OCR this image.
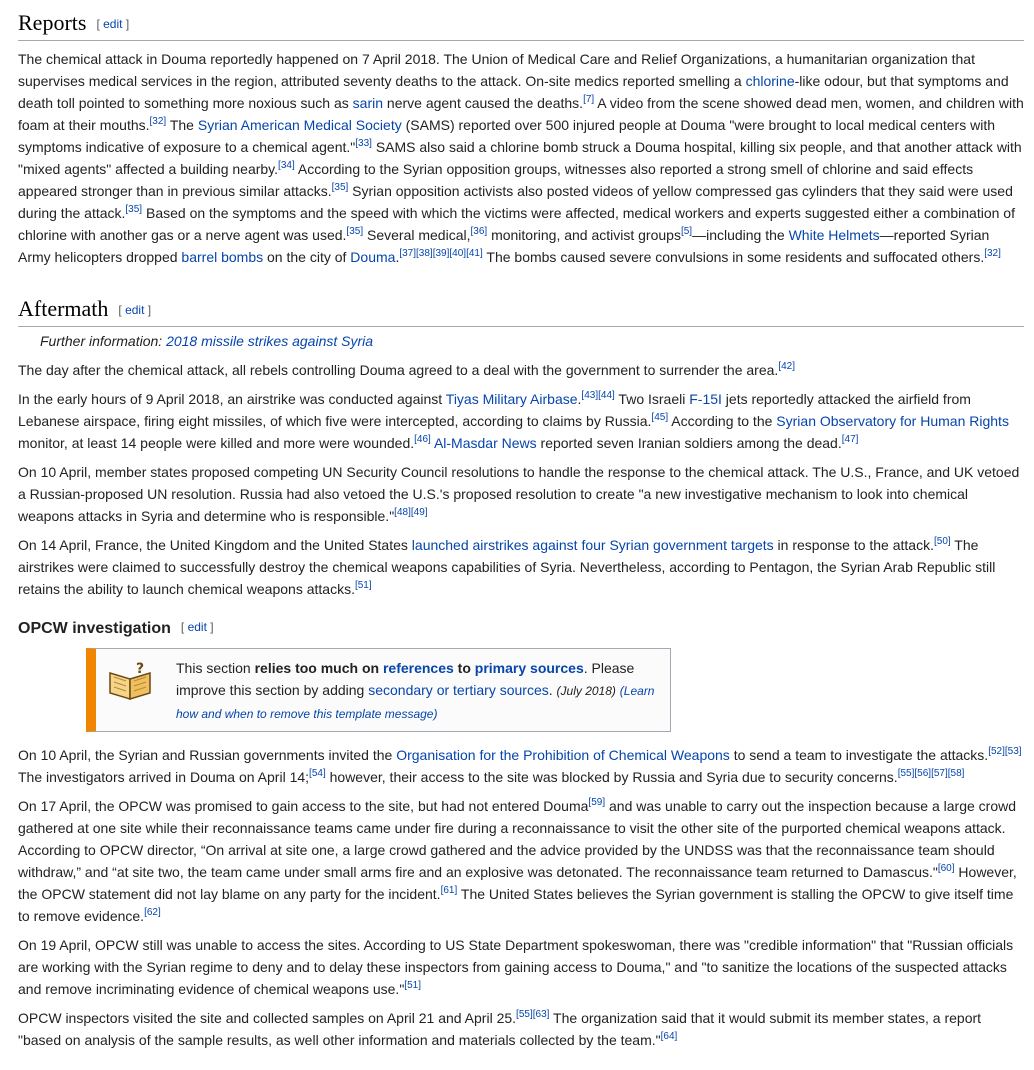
Reports [ edit ]

The chemical attack in Douma reportedly happened on 7 April 2018. The Union of Medical Care and Relief Organizations, a humanitarian organization that supervises medical services in the region, attributed seventy deaths to the attack. On-site medics reported smelling a chlorine-like odour, but that symptoms and death toll pointed to something more noxious such as sarin nerve agent caused the deaths.[7] A video from the scene showed dead men, women, and children with foam at their mouths.[32] The Syrian American Medical Society (SAMS) reported over 500 injured people at Douma "were brought to local medical centers with symptoms indicative of exposure to a chemical agent."[33] SAMS also said a chlorine bomb struck a Douma hospital, killing six people, and that another attack with "mixed agents" affected a building nearby.[34] According to the Syrian opposition groups, witnesses also reported a strong smell of chlorine and said effects appeared stronger than in previous similar attacks.[35] Syrian opposition activists also posted videos of yellow compressed gas cylinders that they said were used during the attack.[35] Based on the symptoms and the speed with which the victims were affected, medical workers and experts suggested either a combination of chlorine with another gas or a nerve agent was used.[35] Several medical,[36] monitoring, and activist groups[5]—including the White Helmets—reported Syrian Army helicopters dropped barrel bombs on the city of Douma.[37][38][39][40][41] The bombs caused severe convulsions in some residents and suffocated others.[32]

Aftermath [ edit ]
Further information: 2018 missile strikes against Syria

The day after the chemical attack, all rebels controlling Douma agreed to a deal with the government to surrender the area.[42]

In the early hours of 9 April 2018, an airstrike was conducted against Tiyas Military Airbase.[43][44] Two Israeli F-15I jets reportedly attacked the airfield from Lebanese airspace, firing eight missiles, of which five were intercepted, according to claims by Russia.[45] According to the Syrian Observatory for Human Rights monitor, at least 14 people were killed and more were wounded.[46] Al-Masdar News reported seven Iranian soldiers among the dead.[47]

On 10 April, member states proposed competing UN Security Council resolutions to handle the response to the chemical attack. The U.S., France, and UK vetoed a Russian-proposed UN resolution. Russia had also vetoed the U.S.'s proposed resolution to create "a new investigative mechanism to look into chemical weapons attacks in Syria and determine who is responsible."[48][49]

On 14 April, France, the United Kingdom and the United States launched airstrikes against four Syrian government targets in response to the attack.[50] The airstrikes were claimed to successfully destroy the chemical weapons capabilities of Syria. Nevertheless, according to Pentagon, the Syrian Arab Republic still retains the ability to launch chemical weapons attacks.[51]

OPCW investigation [ edit ]
? This section relies too much on references to primary sources. Please improve this section by adding secondary or tertiary sources. (July 2018) (Learn how and when to remove this template message)

On 10 April, the Syrian and Russian governments invited the Organisation for the Prohibition of Chemical Weapons to send a team to investigate the attacks.[52][53] The investigators arrived in Douma on April 14;[54] however, their access to the site was blocked by Russia and Syria due to security concerns.[55][56][57][58]

On 17 April, the OPCW was promised to gain access to the site, but had not entered Douma[59] and was unable to carry out the inspection because a large crowd gathered at one site while their reconnaissance teams came under fire during a reconnaissance to visit the other site of the purported chemical weapons attack. According to OPCW director, “On arrival at site one, a large crowd gathered and the advice provided by the UNDSS was that the reconnaissance team should withdraw,” and “at site two, the team came under small arms fire and an explosive was detonated. The reconnaissance team returned to Damascus."[60] However, the OPCW statement did not lay blame on any party for the incident.[61] The United States believes the Syrian government is stalling the OPCW to give itself time to remove evidence.[62]

On 19 April, OPCW still was unable to access the sites. According to US State Department spokeswoman, there was "credible information" that "Russian officials are working with the Syrian regime to deny and to delay these inspectors from gaining access to Douma," and "to sanitize the locations of the suspected attacks and remove incriminating evidence of chemical weapons use."[51]

OPCW inspectors visited the site and collected samples on April 21 and April 25.[55][63] The organization said that it would submit its member states, a report "based on analysis of the sample results, as well other information and materials collected by the team."[64]
